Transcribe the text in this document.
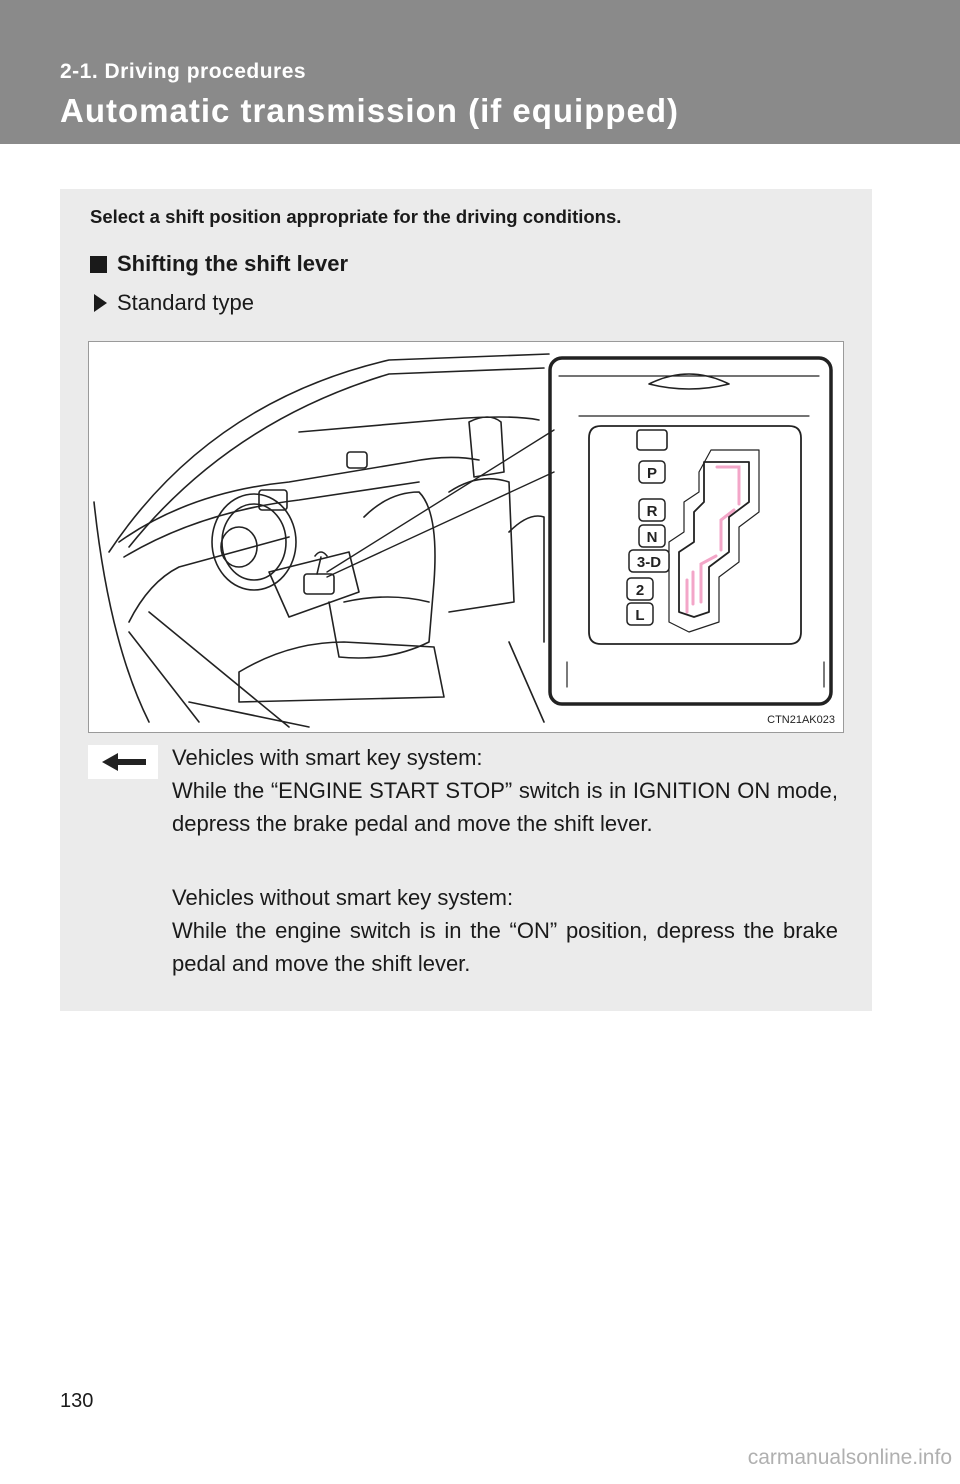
2-1. Driving procedures
Automatic transmission (if equipped)
Select a shift position appropriate for the driving conditions.
Shifting the shift lever
Standard type
P
R
N
3-D
2
L
CTN21AK023
Vehicles with smart key system:
While the “ENGINE START STOP” switch is in IGNITION ON mode, depress the brake pedal and move the shift lever.
Vehicles without smart key system:
While the engine switch is in the “ON” position, depress the brake pedal and move the shift lever.
130
carmanualsonline.info
